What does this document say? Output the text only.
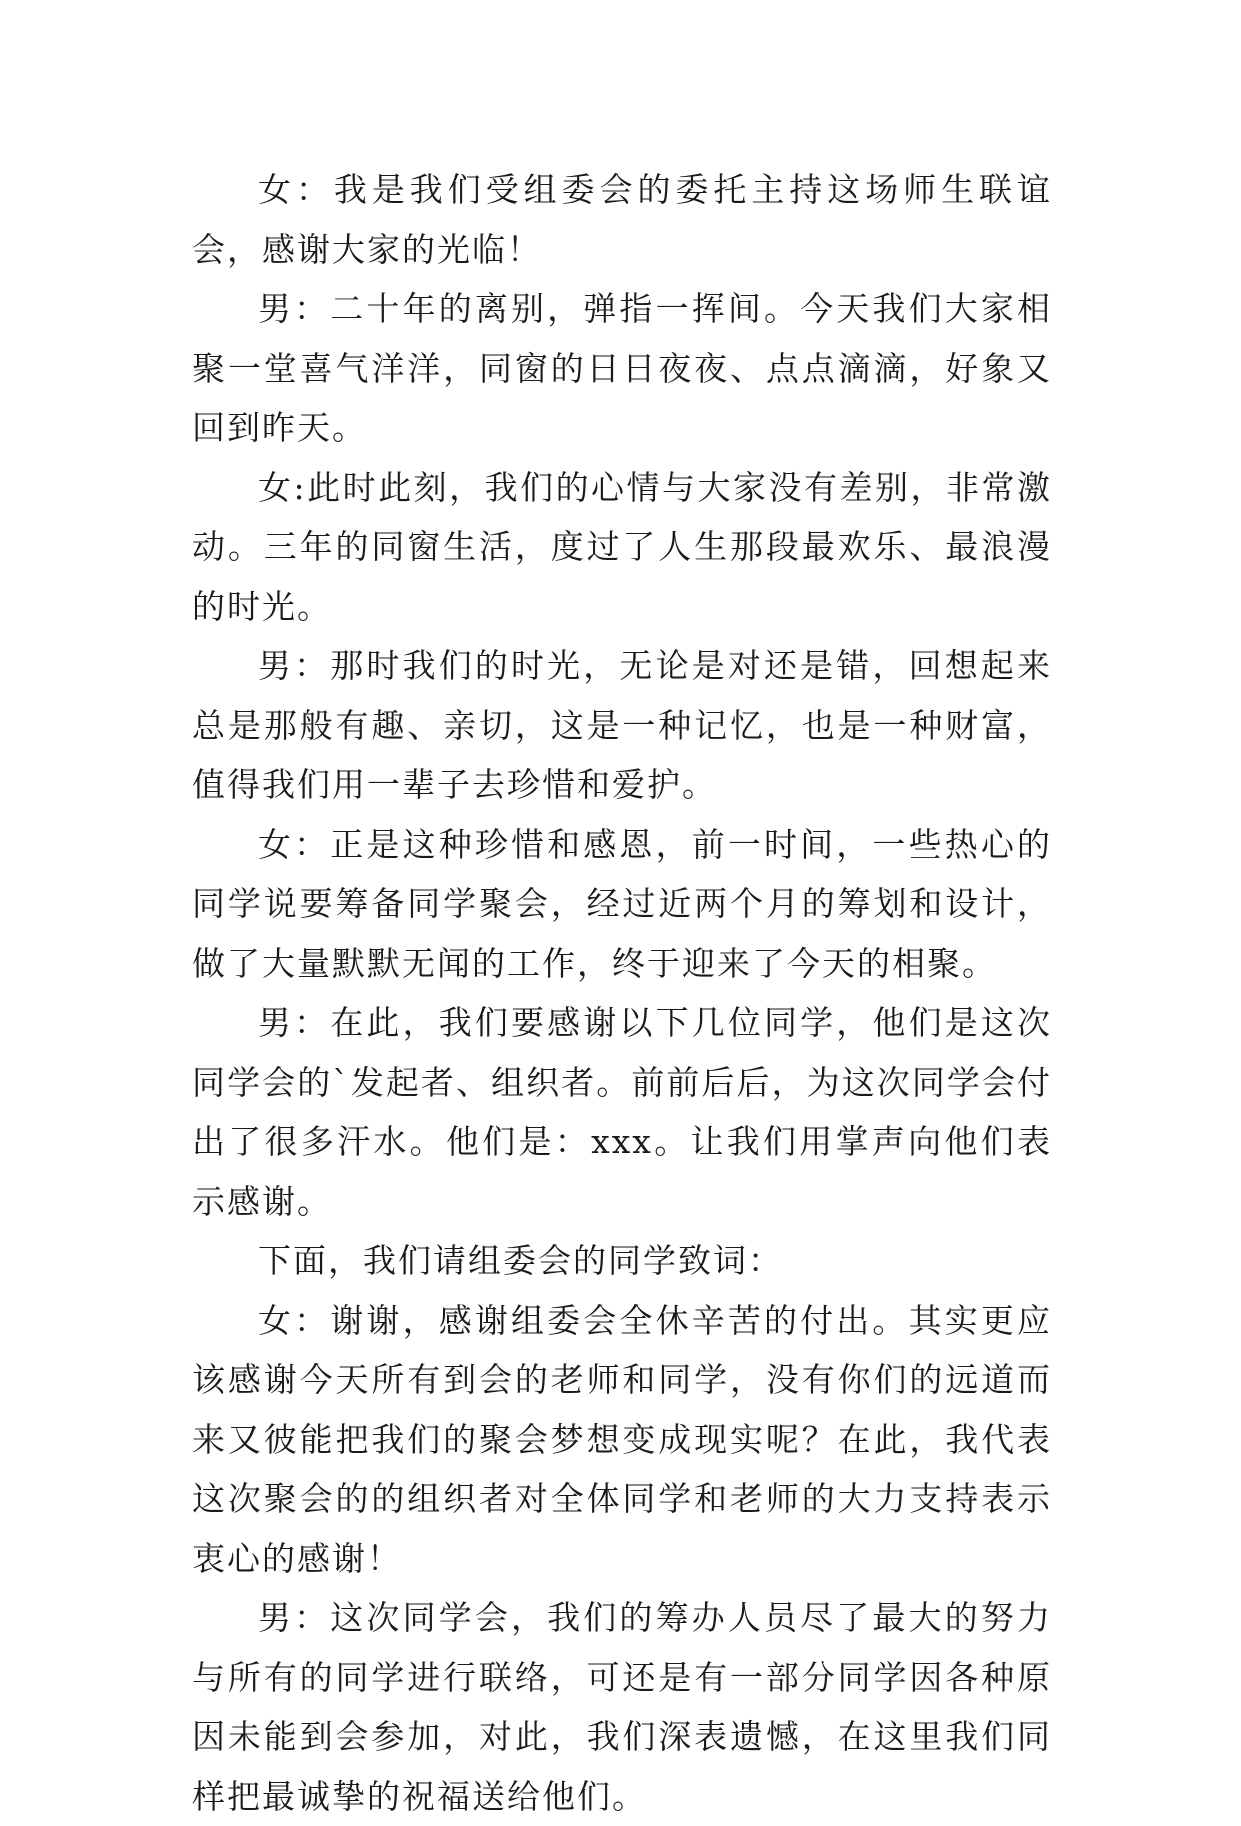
女：我是我们受组委会的委托主持这场师生联谊会，感谢大家的光临！

男：二十年的离别，弹指一挥间。今天我们大家相聚一堂喜气洋洋，同窗的日日夜夜、点点滴滴，好象又回到昨天。

女:此时此刻，我们的心情与大家没有差别，非常激动。三年的同窗生活，度过了人生那段最欢乐、最浪漫的时光。

男：那时我们的时光，无论是对还是错，回想起来总是那般有趣、亲切，这是一种记忆，也是一种财富，值得我们用一辈子去珍惜和爱护。

女：正是这种珍惜和感恩，前一时间，一些热心的同学说要筹备同学聚会，经过近两个月的筹划和设计，做了大量默默无闻的工作，终于迎来了今天的相聚。

男：在此，我们要感谢以下几位同学，他们是这次同学会的`发起者、组织者。前前后后，为这次同学会付出了很多汗水。他们是：xxx。让我们用掌声向他们表示感谢。

下面，我们请组委会的同学致词：

女：谢谢，感谢组委会全休辛苦的付出。其实更应该感谢今天所有到会的老师和同学，没有你们的远道而来又彼能把我们的聚会梦想变成现实呢？在此，我代表这次聚会的的组织者对全体同学和老师的大力支持表示衷心的感谢！

男：这次同学会，我们的筹办人员尽了最大的努力与所有的同学进行联络，可还是有一部分同学因各种原因未能到会参加，对此，我们深表遗憾，在这里我们同样把最诚挚的祝福送给他们。
